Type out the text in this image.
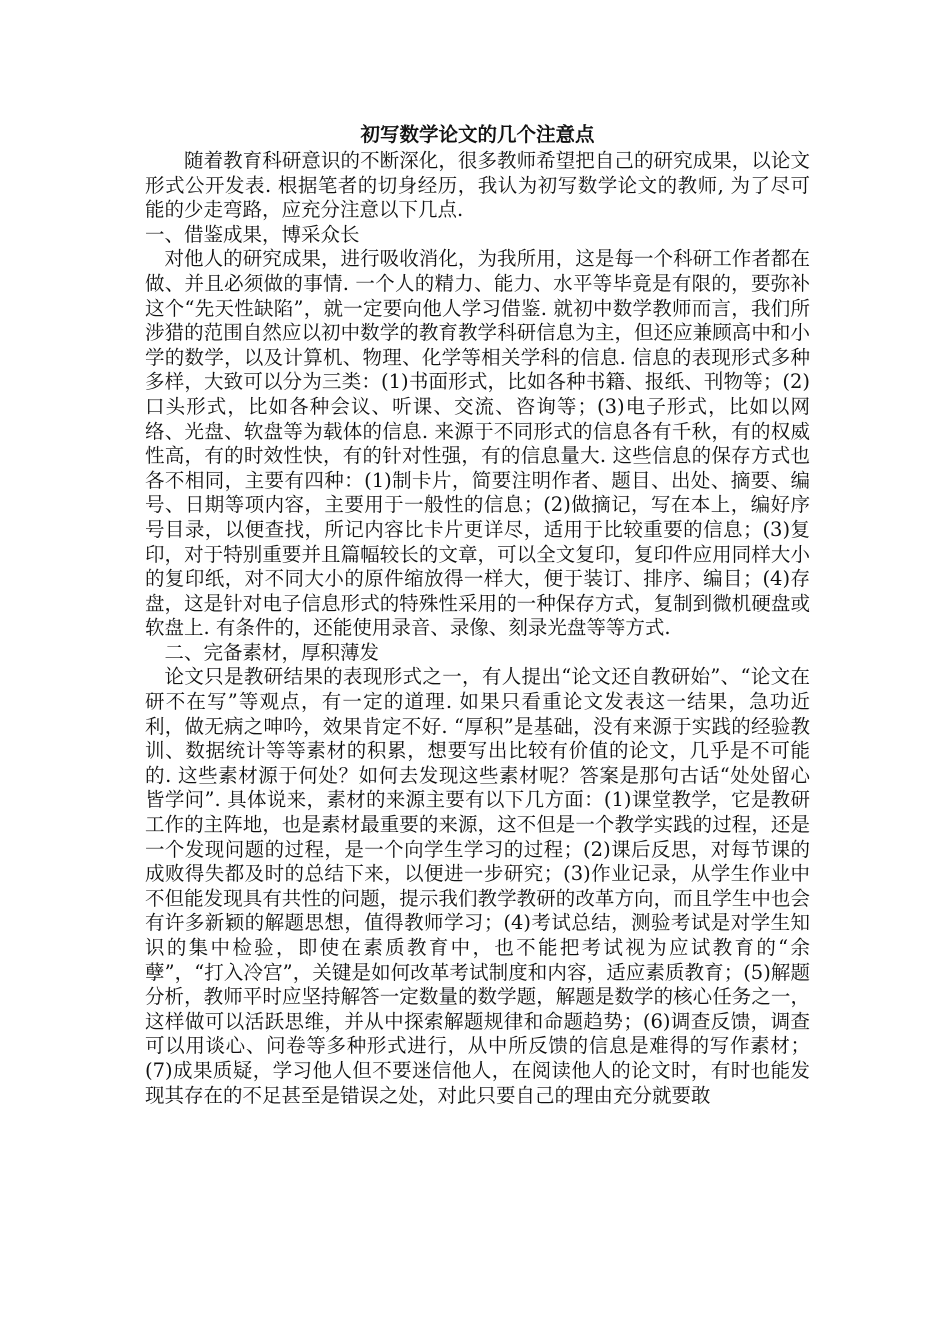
初写数学论文的几个注意点

随着教育科研意识的不断深化，很多教师希望把自己的研究成果，以论文形式公开发表. 根据笔者的切身经历，我认为初写数学论文的教师, 为了尽可能的少走弯路，应充分注意以下几点.

一、借鉴成果，博采众长

对他人的研究成果，进行吸收消化，为我所用，这是每一个科研工作者都在做、并且必须做的事情. 一个人的精力、能力、水平等毕竟是有限的，要弥补这个“先天性缺陷”，就一定要向他人学习借鉴. 就初中数学教师而言，我们所涉猎的范围自然应以初中数学的教育教学科研信息为主，但还应兼顾高中和小学的数学，以及计算机、物理、化学等相关学科的信息. 信息的表现形式多种多样，大致可以分为三类：(1)书面形式，比如各种书籍、报纸、刊物等；(2)口头形式，比如各种会议、听课、交流、咨询等；(3)电子形式，比如以网络、光盘、软盘等为载体的信息. 来源于不同形式的信息各有千秋，有的权威性高，有的时效性快，有的针对性强，有的信息量大. 这些信息的保存方式也各不相同，主要有四种：(1)制卡片，简要注明作者、题目、出处、摘要、编号、日期等项内容，主要用于一般性的信息；(2)做摘记，写在本上，编好序号目录，以便查找，所记内容比卡片更详尽，适用于比较重要的信息；(3)复印，对于特别重要并且篇幅较长的文章，可以全文复印，复印件应用同样大小的复印纸，对不同大小的原件缩放得一样大，便于装订、排序、编目；(4)存盘，这是针对电子信息形式的特殊性采用的一种保存方式，复制到微机硬盘或软盘上. 有条件的，还能使用录音、录像、刻录光盘等等方式.

二、完备素材，厚积薄发

论文只是教研结果的表现形式之一，有人提出“论文还自教研始”、“论文在研不在写”等观点，有一定的道理. 如果只看重论文发表这一结果，急功近利，做无病之呻吟，效果肯定不好. “厚积”是基础，没有来源于实践的经验教训、数据统计等等素材的积累，想要写出比较有价值的论文，几乎是不可能的. 这些素材源于何处？如何去发现这些素材呢？答案是那句古话“处处留心皆学问”. 具体说来，素材的来源主要有以下几方面：(1)课堂教学，它是教研工作的主阵地，也是素材最重要的来源，这不但是一个教学实践的过程，还是一个发现问题的过程，是一个向学生学习的过程；(2)课后反思，对每节课的成败得失都及时的总结下来，以便进一步研究；(3)作业记录，从学生作业中不但能发现具有共性的问题，提示我们教学教研的改革方向，而且学生中也会有许多新颖的解题思想，值得教师学习；(4)考试总结，测验考试是对学生知识的集中检验，即使在素质教育中，也不能把考试视为应试教育的“余孽”，“打入冷宫”，关键是如何改革考试制度和内容，适应素质教育；(5)解题分析，教师平时应坚持解答一定数量的数学题，解题是数学的核心任务之一，这样做可以活跃思维，并从中探索解题规律和命题趋势；(6)调查反馈，调查可以用谈心、问卷等多种形式进行，从中所反馈的信息是难得的写作素材；(7)成果质疑，学习他人但不要迷信他人，在阅读他人的论文时，有时也能发现其存在的不足甚至是错误之处，对此只要自己的理由充分就要敢
